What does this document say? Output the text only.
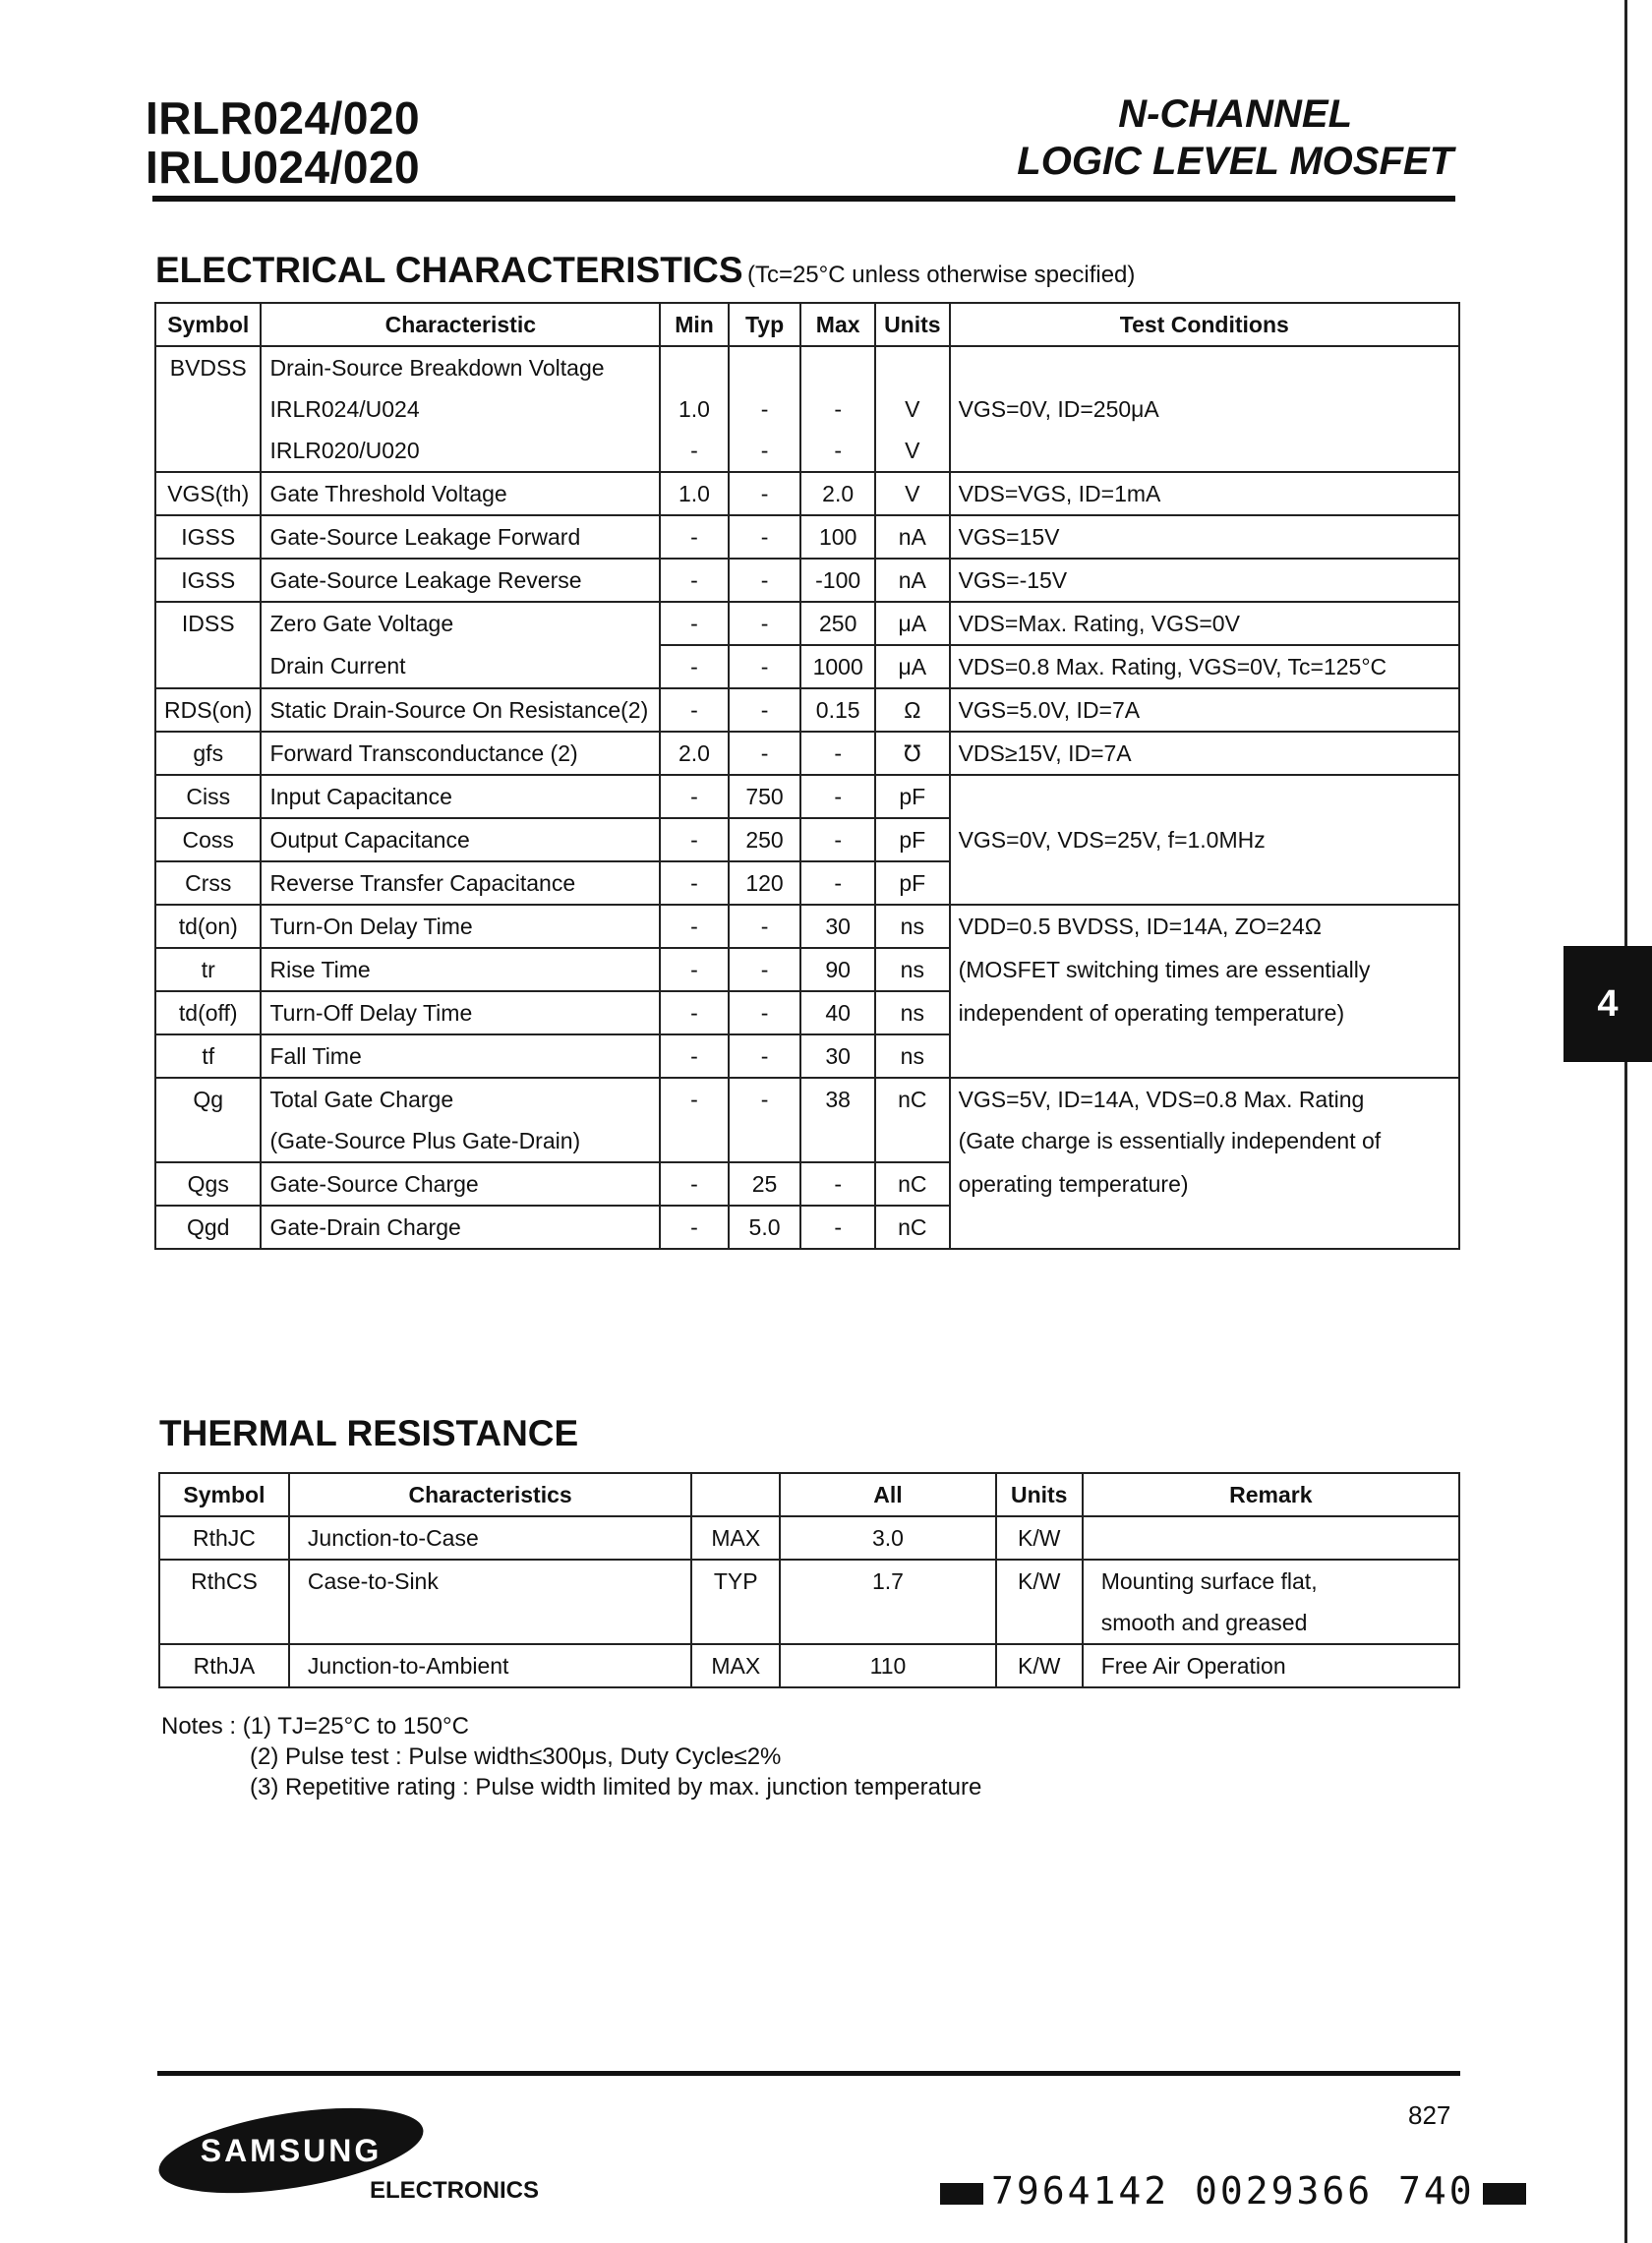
IRLR024/020
IRLU024/020
N-CHANNEL
LOGIC LEVEL MOSFET
ELECTRICAL CHARACTERISTICS (Tc=25°C unless otherwise specified)
Symbol	Characteristic	Min	Typ	Max	Units	Test Conditions
BVDSS	Drain-Source Breakdown Voltage					
	IRLR024/U024	1.0	-	-	V	VGS=0V, ID=250μA
	IRLR020/U020	-	-	-	V	
VGS(th)	Gate Threshold Voltage	1.0	-	2.0	V	VDS=VGS, ID=1mA
IGSS	Gate-Source Leakage Forward	-	-	100	nA	VGS=15V
IGSS	Gate-Source Leakage Reverse	-	-	-100	nA	VGS=-15V
IDSS	Zero Gate Voltage	-	-	250	μA	VDS=Max. Rating, VGS=0V
	Drain Current	-	-	1000	μA	VDS=0.8 Max. Rating, VGS=0V, Tc=125°C
RDS(on)	Static Drain-Source On Resistance(2)	-	-	0.15	Ω	VGS=5.0V, ID=7A
gfs	Forward Transconductance (2)	2.0	-	-	℧	VDS≥15V, ID=7A
Ciss	Input Capacitance	-	750	-	pF	
Coss	Output Capacitance	-	250	-	pF	VGS=0V, VDS=25V, f=1.0MHz
Crss	Reverse Transfer Capacitance	-	120	-	pF	
td(on)	Turn-On Delay Time	-	-	30	ns	VDD=0.5 BVDSS, ID=14A, ZO=24Ω
tr	Rise Time	-	-	90	ns	(MOSFET switching times are essentially
td(off)	Turn-Off Delay Time	-	-	40	ns	independent of operating temperature)
tf	Fall Time	-	-	30	ns	
Qg	Total Gate Charge	-	-	38	nC	VGS=5V, ID=14A, VDS=0.8 Max. Rating
	(Gate-Source Plus Gate-Drain)					(Gate charge is essentially independent of
Qgs	Gate-Source Charge	-	25	-	nC	operating temperature)
Qgd	Gate-Drain Charge	-	5.0	-	nC	
4
THERMAL RESISTANCE
Symbol	Characteristics		All	Units	Remark
RthJC	Junction-to-Case	MAX	3.0	K/W	
RthCS	Case-to-Sink	TYP	1.7	K/W	Mounting surface flat,
					smooth and greased
RthJA	Junction-to-Ambient	MAX	110	K/W	Free Air Operation
Notes : (1) TJ=25°C to 150°C
(2) Pulse test : Pulse width≤300μs, Duty Cycle≤2%
(3) Repetitive rating : Pulse width limited by max. junction temperature
827
SAMSUNG
ELECTRONICS	7964142 0029366 740
